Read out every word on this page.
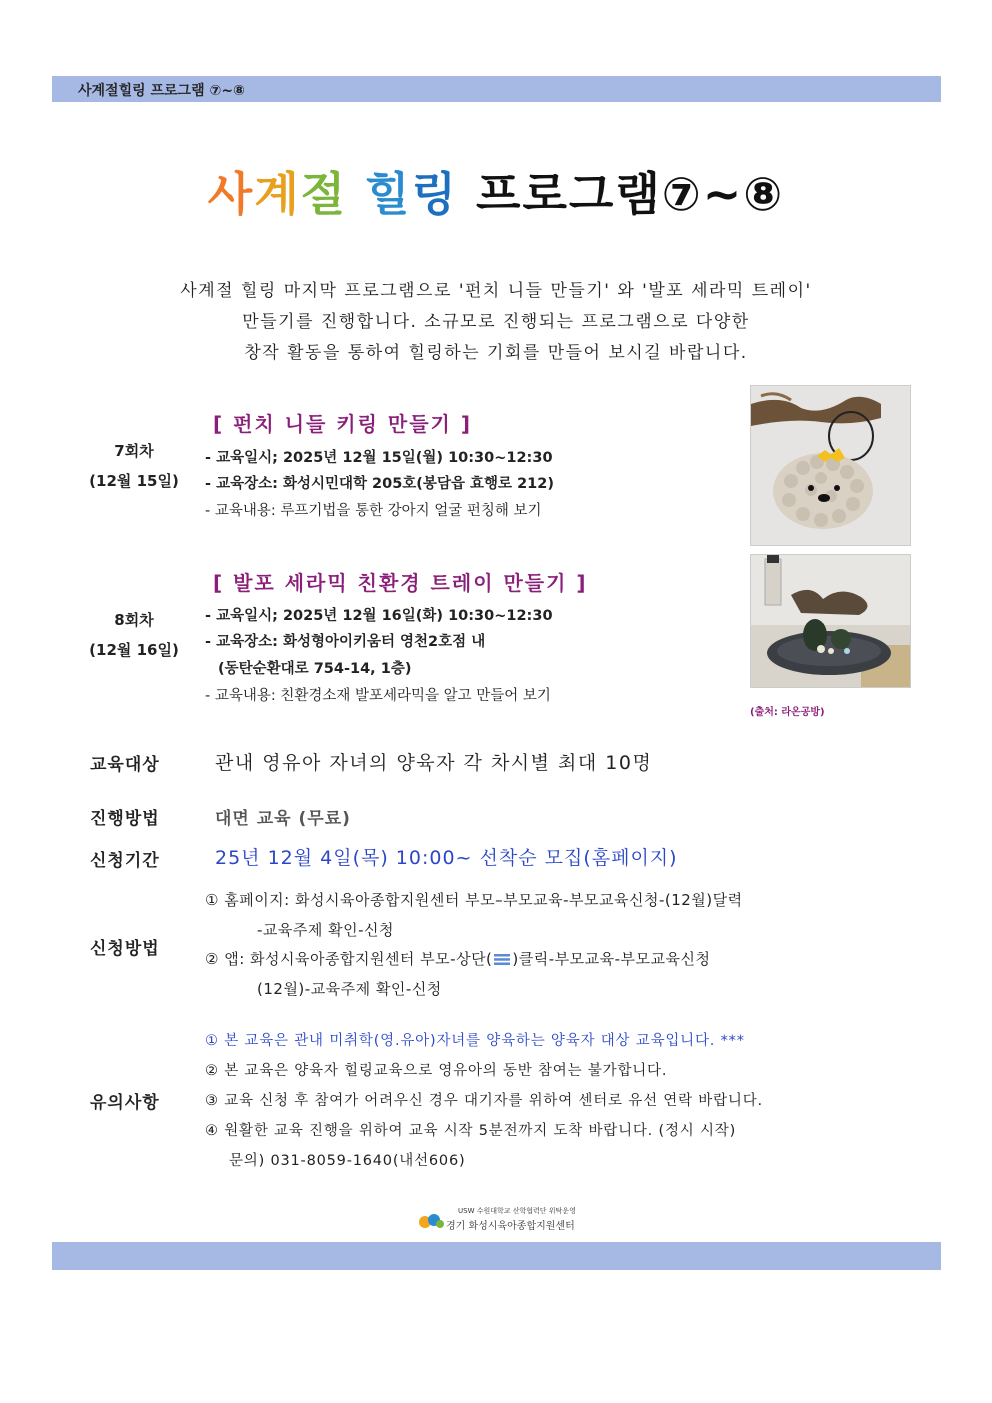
사계절힐링 프로그램 ⑦~⑧
사계절 힐링 프로그램⑦~⑧
사계절 힐링 마지막 프로그램으로 '펀치 니들 만들기' 와 '발포 세라믹 트레이'
만들기를 진행합니다. 소규모로 진행되는 프로그램으로 다양한
창작 활동을 통하여 힐링하는 기회를 만들어 보시길 바랍니다.
[ 펀치 니들 키링 만들기 ]
7회차
(12월 15일)
- 교육일시; 2025년 12월 15일(월) 10:30~12:30
- 교육장소: 화성시민대학 205호(봉담읍 효행로 212)
- 교육내용: 루프기법을 통한 강아지 얼굴 펀칭해 보기
[ 발포 세라믹 친환경 트레이 만들기 ]
8회차
(12월 16일)
- 교육일시; 2025년 12월 16일(화) 10:30~12:30
- 교육장소: 화성형아이키움터 영천2호점 내
(동탄순환대로 754-14, 1층)
- 교육내용: 친환경소재 발포세라믹을 알고 만들어 보기
(출처: 라온공방)
교육대상	관내 영유아 자녀의 양육자 각 차시별 최대 10명
진행방법	대면 교육 (무료)
신청기간	25년 12월 4일(목) 10:00~ 선착순 모집(홈페이지)
신청방법
① 홈페이지: 화성시육아종합지원센터 부모–부모교육-부모교육신청-(12월)달력
-교육주제 확인-신청
② 앱: 화성시육아종합지원센터 부모-상단( )클릭-부모교육-부모교육신청
(12월)-교육주제 확인-신청
유의사항
① 본 교육은 관내 미취학(영.유아)자녀를 양육하는 양육자 대상 교육입니다. ***
② 본 교육은 양육자 힐링교육으로 영유아의 동반 참여는 불가합니다.
③ 교육 신청 후 참여가 어려우신 경우 대기자를 위하여 센터로 유선 연락 바랍니다.
④ 원활한 교육 진행을 위하여 교육 시작 5분전까지 도착 바랍니다. (정시 시작)
문의) 031-8059-1640(내선606)
USW 수원대학교 산학협력단 위탁운영
경기 화성시육아종합지원센터
